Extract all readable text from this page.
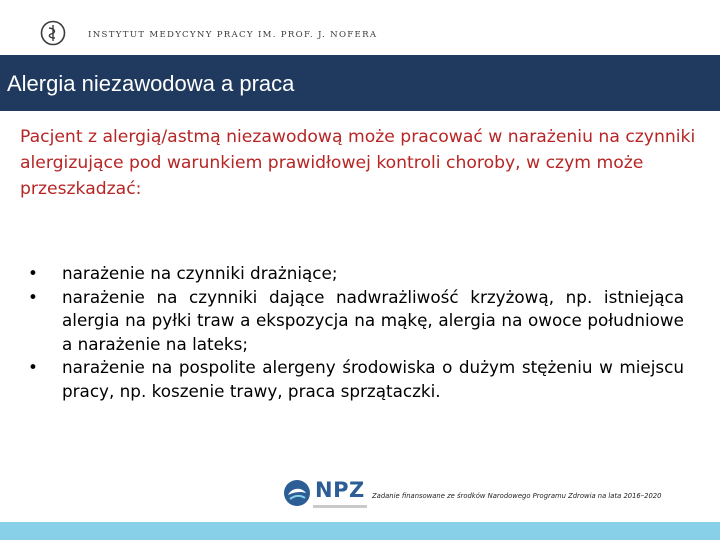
INSTYTUT MEDYCYNY PRACY IM. PROF. J. NOFERA
Alergia niezawodowa a praca
Pacjent z alergią/astmą niezawodową może pracować w narażeniu na czynniki alergizujące pod warunkiem prawidłowej kontroli choroby, w czym może przeszkadzać:
• narażenie na czynniki drażniące;
• narażenie na czynniki dające nadwrażliwość krzyżową, np. istniejąca alergia na pyłki traw a ekspozycja na mąkę, alergia na owoce południowe a narażenie na lateks;
• narażenie na pospolite alergeny środowiska o dużym stężeniu w miejscu pracy, np. koszenie trawy, praca sprzątaczki.
NPZ Zadanie finansowane ze środków Narodowego Programu Zdrowia na lata 2016–2020
